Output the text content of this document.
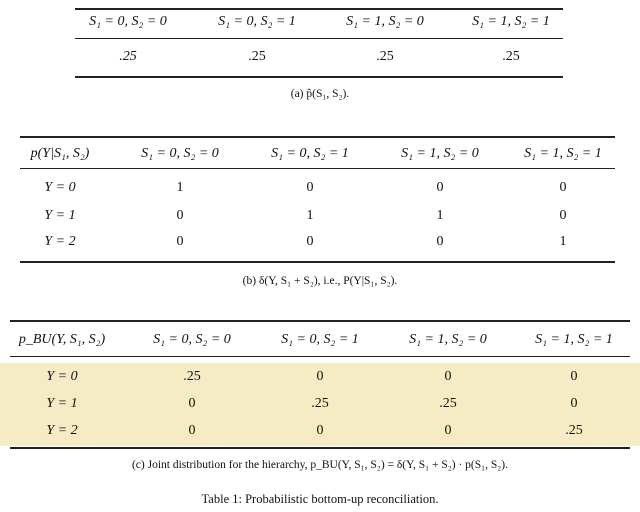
S₁ = 0, S₂ = 0	S₁ = 0, S₂ = 1	S₁ = 1, S₂ = 0	S₁ = 1, S₂ = 1
.25	.25	.25	.25
(a) p̂(S₁, S₂).
p(Y|S₁, S₂)	S₁ = 0, S₂ = 0	S₁ = 0, S₂ = 1	S₁ = 1, S₂ = 0	S₁ = 1, S₂ = 1
Y = 0	1	0	0	0
Y = 1	0	1	1	0
Y = 2	0	0	0	1
(b) δ(Y, S₁ + S₂), i.e., P(Y|S₁, S₂).
p_BU(Y, S₁, S₂)	S₁ = 0, S₂ = 0	S₁ = 0, S₂ = 1	S₁ = 1, S₂ = 0	S₁ = 1, S₂ = 1
Y = 0	.25	0	0	0
Y = 1	0	.25	.25	0
Y = 2	0	0	0	.25
(c) Joint distribution for the hierarchy, p_BU(Y, S₁, S₂) = δ(Y, S₁ + S₂) · p(S₁, S₂).
Table 1: Probabilistic bottom-up reconciliation.
